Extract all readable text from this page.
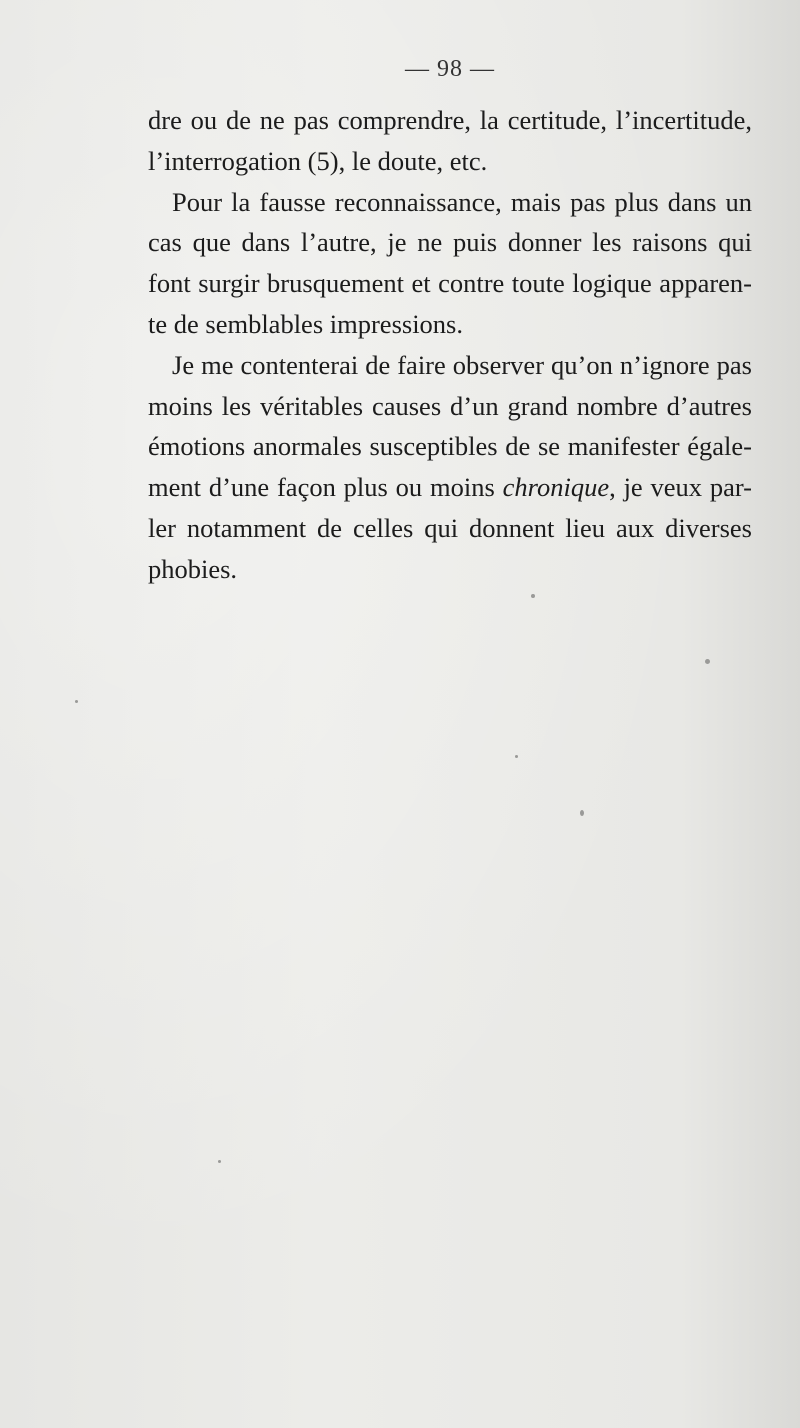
— 98 —
dre ou de ne pas comprendre, la certitude, l’incertitude,
l’interrogation (5), le doute, etc.
Pour la fausse reconnaissance, mais pas plus dans un
cas que dans l’autre, je ne puis donner les raisons qui
font surgir brusquement et contre toute logique apparen-
te de semblables impressions.
Je me contenterai de faire observer qu’on n’ignore pas
moins les véritables causes d’un grand nombre d’autres
émotions anormales susceptibles de se manifester égale-
ment d’une façon plus ou moins chronique, je veux par-
ler notamment de celles qui donnent lieu aux diverses
phobies.
